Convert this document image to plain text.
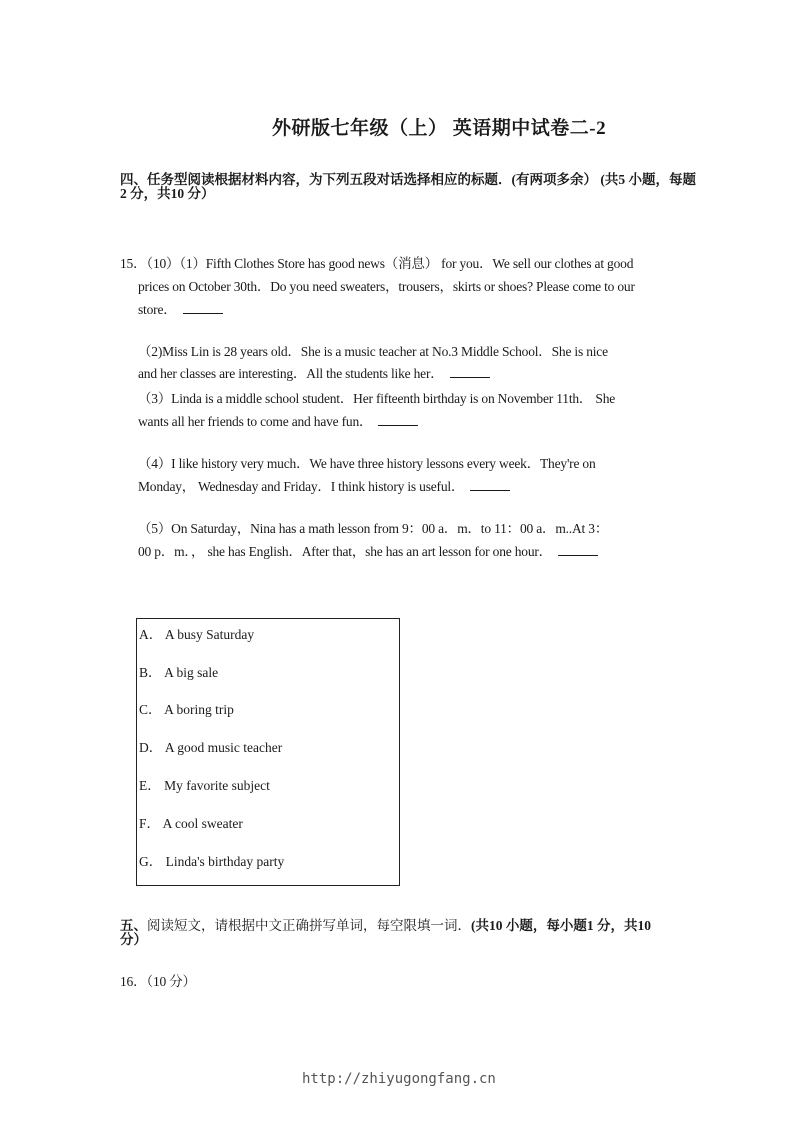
外研版七年级（上） 英语期中试卷二-2
四、任务型阅读根据材料内容，为下列五段对话选择相应的标题．(有两项多余） (共5 小题，每题
2 分，共10 分）
15．（10）（1）Fifth Clothes Store has good news（消息） for you．We sell our clothes at good
prices on October 30th．Do you need sweaters，trousers，skirts or shoes? Please come to our
store．
（2)Miss Lin is 28 years old．She is a music teacher at No.3 Middle School．She is nice
and her classes are interesting．All the students like her．
（3）Linda is a middle school student．Her fifteenth birthday is on November 11th． She
wants all her friends to come and have fun．
（4）I like history very much．We have three history lessons every week．They're on
Monday， Wednesday and Friday．I think history is useful．
（5）On Saturday，Nina has a math lesson from 9：00 a．m．to 11：00 a．m..At 3：
00 p．m．， she has English．After that，she has an art lesson for one hour．
A． A busy Saturday
B． A big sale
C． A boring trip
D． A good music teacher
E． My favorite subject
F． A cool sweater
G． Linda's birthday party
五、阅读短文，请根据中文正确拼写单词，每空限填一词．(共10 小题，每小题1 分，共10
分）
16．（10 分）
http://zhiyugongfang.cn
